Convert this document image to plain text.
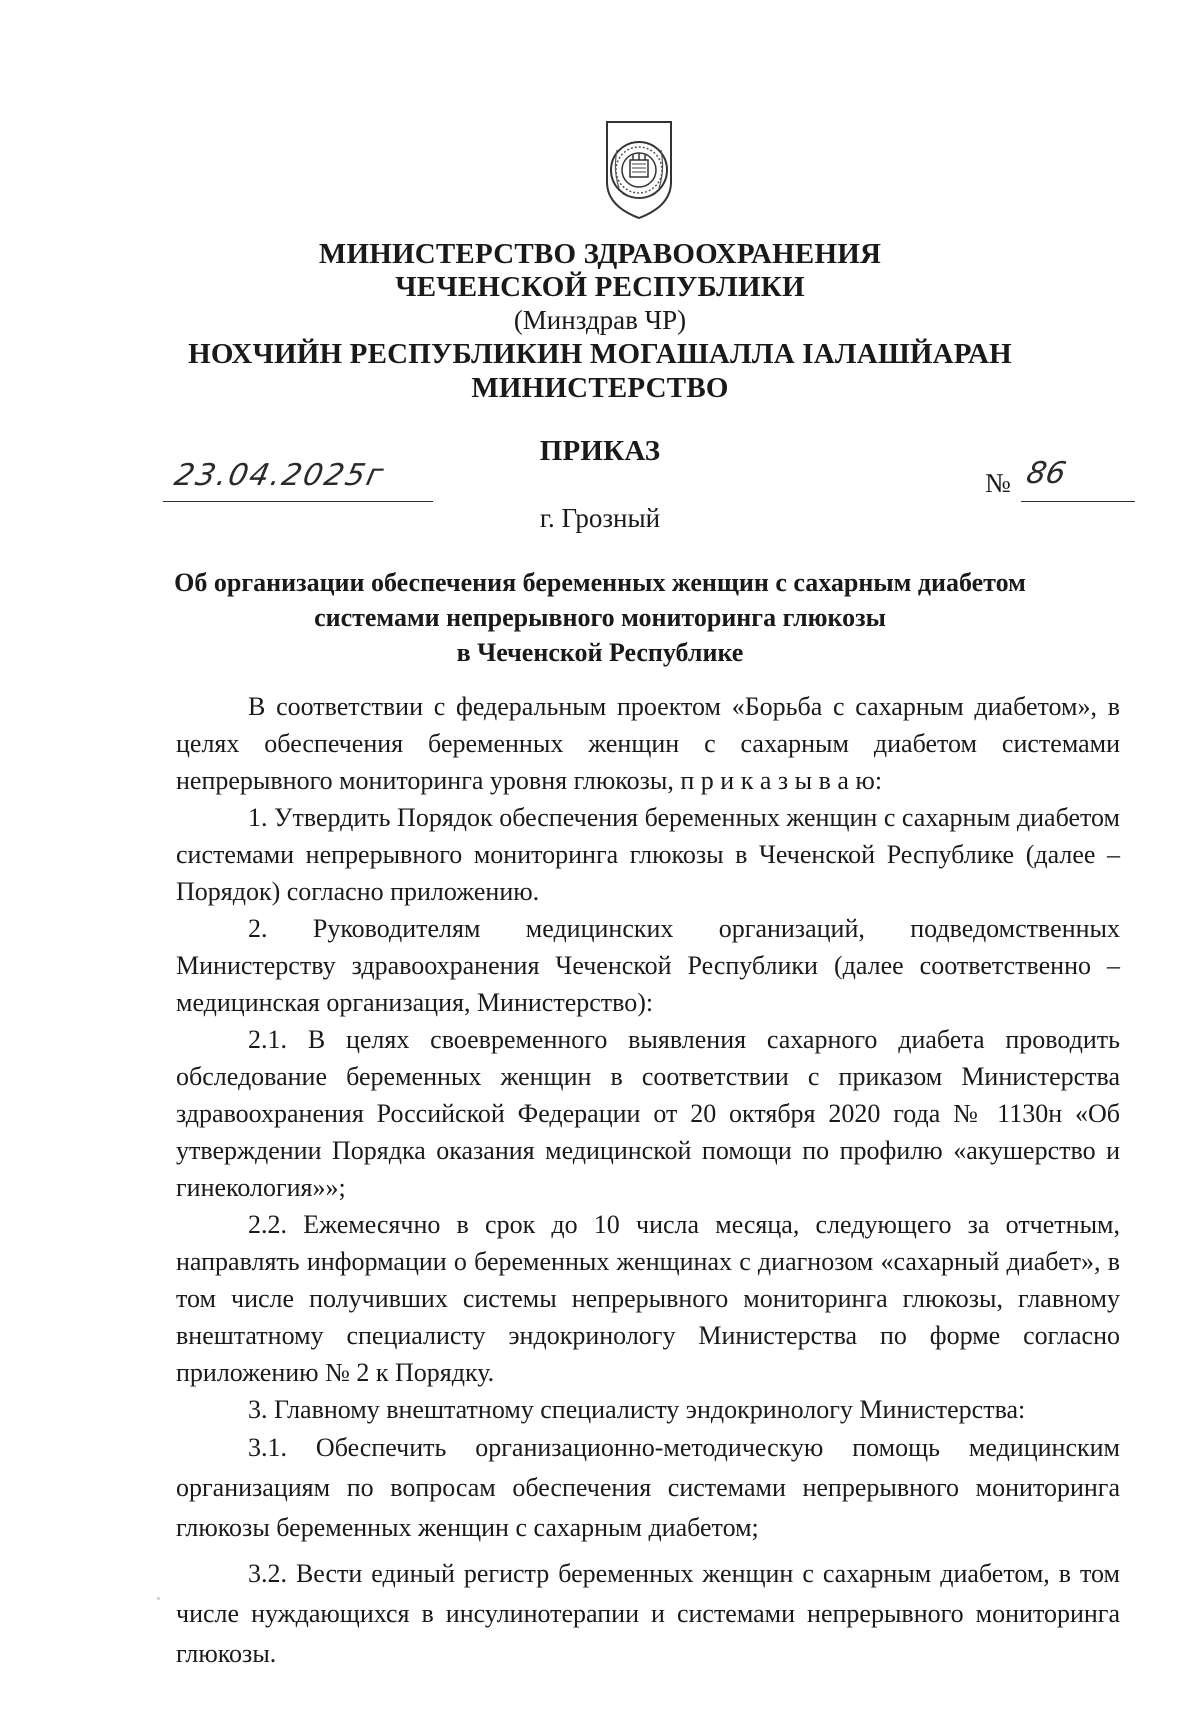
МИНИСТЕРСТВО ЗДРАВООХРАНЕНИЯ
ЧЕЧЕНСКОЙ РЕСПУБЛИКИ
(Минздрав ЧР)
НОХЧИЙН РЕСПУБЛИКИН МОГАШАЛЛА ІАЛАШЙАРАН
МИНИСТЕРСТВО
ПРИКАЗ
23.04.2025г	№ 86
г. Грозный
Об организации обеспечения беременных женщин с сахарным диабетом
системами непрерывного мониторинга глюкозы
в Чеченской Республике

В соответствии с федеральным проектом «Борьба с сахарным диабетом», в целях обеспечения беременных женщин с сахарным диабетом системами непрерывного мониторинга уровня глюкозы, п р и к а з ы в а ю:

1. Утвердить Порядок обеспечения беременных женщин с сахарным диабетом системами непрерывного мониторинга глюкозы в Чеченской Республике (далее – Порядок) согласно приложению.

2. Руководителям медицинских организаций, подведомственных Министерству здравоохранения Чеченской Республики (далее соответственно – медицинская организация, Министерство):

2.1. В целях своевременного выявления сахарного диабета проводить обследование беременных женщин в соответствии с приказом Министерства здравоохранения Российской Федерации от 20 октября 2020 года № 1130н «Об утверждении Порядка оказания медицинской помощи по профилю «акушерство и гинекология»»;

2.2. Ежемесячно в срок до 10 числа месяца, следующего за отчетным, направлять информации о беременных женщинах с диагнозом «сахарный диабет», в том числе получивших системы непрерывного мониторинга глюкозы, главному внештатному специалисту эндокринологу Министерства по форме согласно приложению № 2 к Порядку.

3. Главному внештатному специалисту эндокринологу Министерства:

3.1. Обеспечить организационно-методическую помощь медицинским организациям по вопросам обеспечения системами непрерывного мониторинга глюкозы беременных женщин с сахарным диабетом;

3.2. Вести единый регистр беременных женщин с сахарным диабетом, в том числе нуждающихся в инсулинотерапии и системами непрерывного мониторинга глюкозы.
